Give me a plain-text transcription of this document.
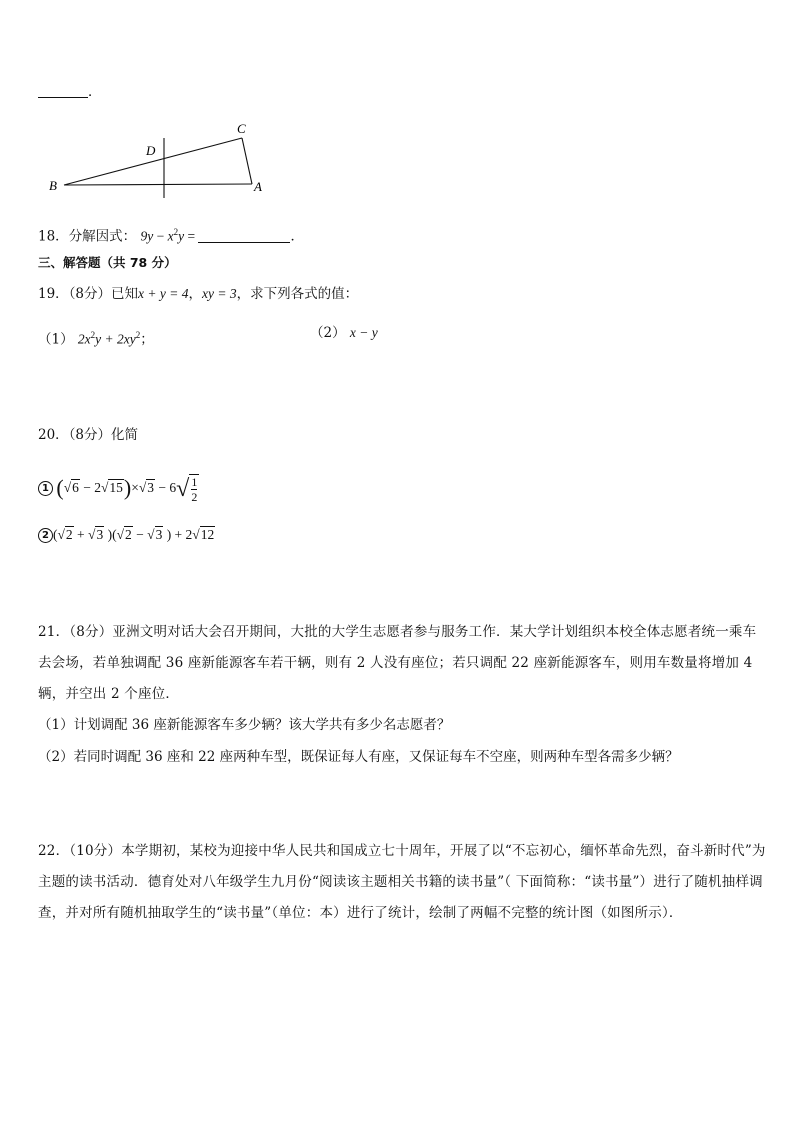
．
B
D
C
A
18．分解因式： $9y - x^2y$ =	．
三、解答题（共 78 分）
19．（8分）已知x + y = 4，xy = 3，求下列各式的值：
（1） $2x^2y + 2xy^2$；	（2） x − y
20．（8分）化简
1 $(√6 - 2√15)\times√3 - 6√ \frac{1}{2}$
2 (√2 + √3 )(√2 − √3 ) + 2√12
21．（8分）亚洲文明对话大会召开期间，大批的大学生志愿者参与服务工作．某大学计划组织本校全体志愿者统一乘车去会场，若单独调配 36 座新能源客车若干辆，则有 2 人没有座位；若只调配 22 座新能源客车，则用车数量将增加 4 辆，并空出 2 个座位．
（1）计划调配 36 座新能源客车多少辆？该大学共有多少名志愿者？
（2）若同时调配 36 座和 22 座两种车型，既保证每人有座，又保证每车不空座，则两种车型各需多少辆？
22．（10分）本学期初，某校为迎接中华人民共和国成立七十周年，开展了以“不忘初心，缅怀革命先烈，奋斗新时代”为主题的读书活动．德育处对八年级学生九月份“阅读该主题相关书籍的读书量”（ 下面简称：“读书量”）进行了随机抽样调查，并对所有随机抽取学生的“读书量”（单位：本）进行了统计，绘制了两幅不完整的统计图（如图所示）．
